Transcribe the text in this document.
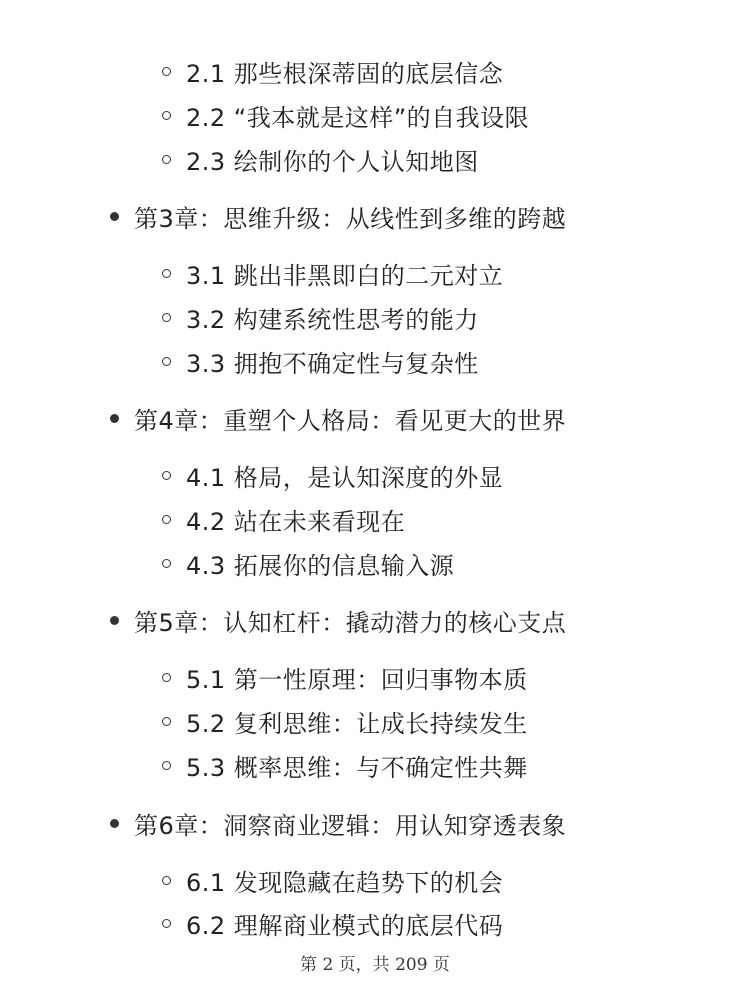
2.1 那些根深蒂固的底层信念
2.2 “我本就是这样”的自我设限
2.3 绘制你的个人认知地图
第3章：思维升级：从线性到多维的跨越
3.1 跳出非黑即白的二元对立
3.2 构建系统性思考的能力
3.3 拥抱不确定性与复杂性
第4章：重塑个人格局：看见更大的世界
4.1 格局，是认知深度的外显
4.2 站在未来看现在
4.3 拓展你的信息输入源
第5章：认知杠杆：撬动潜力的核心支点
5.1 第一性原理：回归事物本质
5.2 复利思维：让成长持续发生
5.3 概率思维：与不确定性共舞
第6章：洞察商业逻辑：用认知穿透表象
6.1 发现隐藏在趋势下的机会
6.2 理解商业模式的底层代码
第 2 页，共 209 页
